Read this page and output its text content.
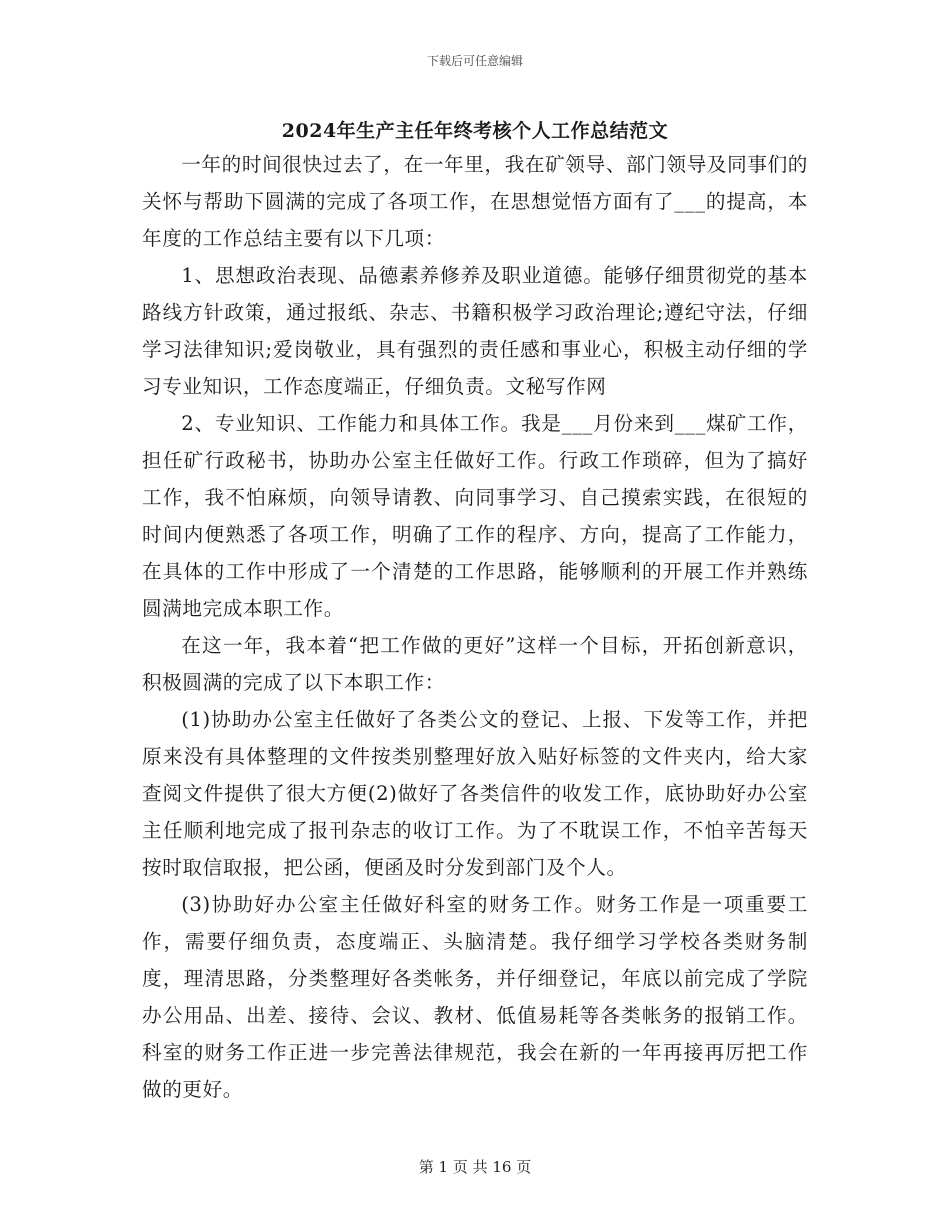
下载后可任意编辑
2024年生产主任年终考核个人工作总结范文

一年的时间很快过去了，在一年里，我在矿领导、部门领导及同事们的关怀与帮助下圆满的完成了各项工作，在思想觉悟方面有了___的提高，本年度的工作总结主要有以下几项：

1、思想政治表现、品德素养修养及职业道德。能够仔细贯彻党的基本路线方针政策，通过报纸、杂志、书籍积极学习政治理论;遵纪守法，仔细学习法律知识;爱岗敬业，具有强烈的责任感和事业心，积极主动仔细的学习专业知识，工作态度端正，仔细负责。文秘写作网

2、专业知识、工作能力和具体工作。我是___月份来到___煤矿工作，担任矿行政秘书，协助办公室主任做好工作。行政工作琐碎，但为了搞好工作，我不怕麻烦，向领导请教、向同事学习、自己摸索实践，在很短的时间内便熟悉了各项工作，明确了工作的程序、方向，提高了工作能力，在具体的工作中形成了一个清楚的工作思路，能够顺利的开展工作并熟练圆满地完成本职工作。

在这一年，我本着“把工作做的更好”这样一个目标，开拓创新意识，积极圆满的完成了以下本职工作：

(1)协助办公室主任做好了各类公文的登记、上报、下发等工作，并把原来没有具体整理的文件按类别整理好放入贴好标签的文件夹内，给大家查阅文件提供了很大方便(2)做好了各类信件的收发工作，底协助好办公室主任顺利地完成了报刊杂志的收订工作。为了不耽误工作，不怕辛苦每天按时取信取报，把公函，便函及时分发到部门及个人。

(3)协助好办公室主任做好科室的财务工作。财务工作是一项重要工作，需要仔细负责，态度端正、头脑清楚。我仔细学习学校各类财务制度，理清思路，分类整理好各类帐务，并仔细登记，年底以前完成了学院办公用品、出差、接待、会议、教材、低值易耗等各类帐务的报销工作。科室的财务工作正进一步完善法律规范，我会在新的一年再接再厉把工作做的更好。

第 1 页 共 16 页
